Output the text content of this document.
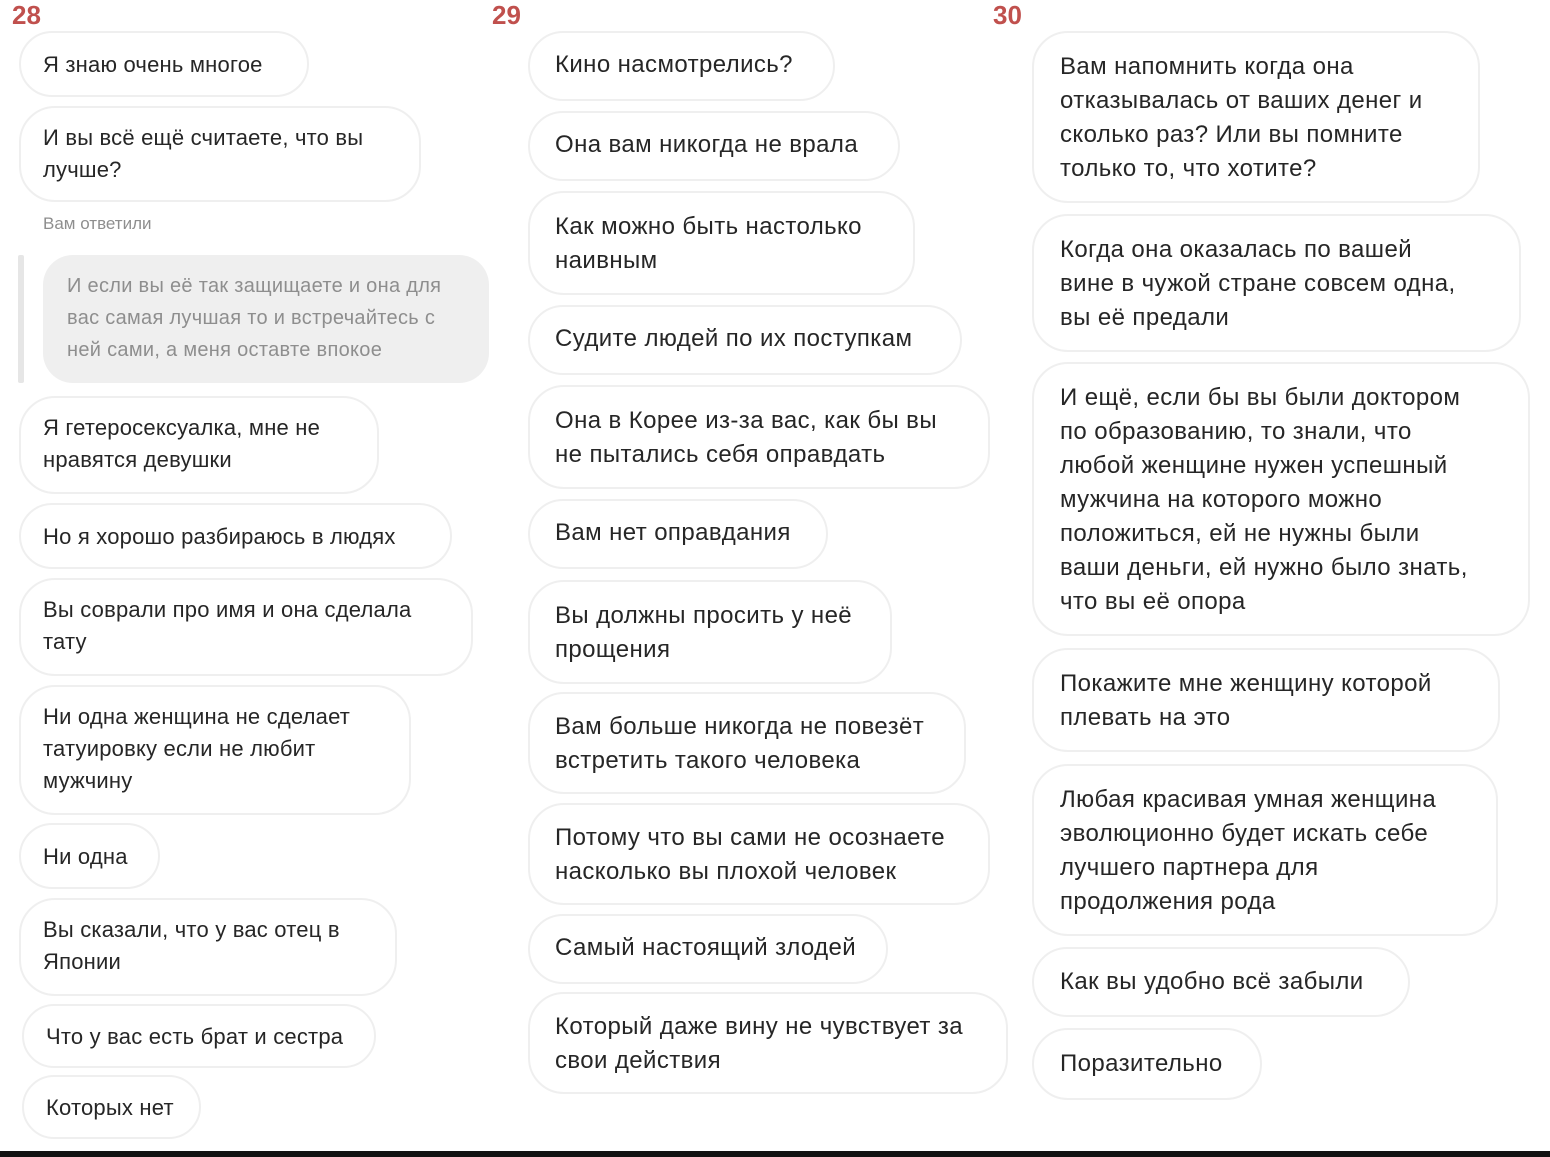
28	29	30
Я знаю очень многое
И вы всё ещё считаете, что вы
лучше?
Вам ответили
И если вы её так защищаете и она для
вас самая лучшая то и встречайтесь с
ней сами, а меня оставте впокое
Я гетеросексуалка, мне не
нравятся девушки
Но я хорошо разбираюсь в людях
Вы соврали про имя и она сделала
тату
Ни одна женщина не сделает
татуировку если не любит
мужчину
Ни одна
Вы сказали, что у вас отец в
Японии
Что у вас есть брат и сестра
Которых нет
Кино насмотрелись?
Она вам никогда не врала
Как можно быть настолько
наивным
Судите людей по их поступкам
Она в Корее из-за вас, как бы вы
не пытались себя оправдать
Вам нет оправдания
Вы должны просить у неё
прощения
Вам больше никогда не повезёт
встретить такого человека
Потому что вы сами не осознаете
насколько вы плохой человек
Самый настоящий злодей
Который даже вину не чувствует за
свои действия
Вам напомнить когда она
отказывалась от ваших денег и
сколько раз? Или вы помните
только то, что хотите?
Когда она оказалась по вашей
вине в чужой стране совсем одна,
вы её предали
И ещё, если бы вы были доктором
по образованию, то знали, что
любой женщине нужен успешный
мужчина на которого можно
положиться, ей не нужны были
ваши деньги, ей нужно было знать,
что вы её опора
Покажите мне женщину которой
плевать на это
Любая красивая умная женщина
эволюционно будет искать себе
лучшего партнера для
продолжения рода
Как вы удобно всё забыли
Поразительно
